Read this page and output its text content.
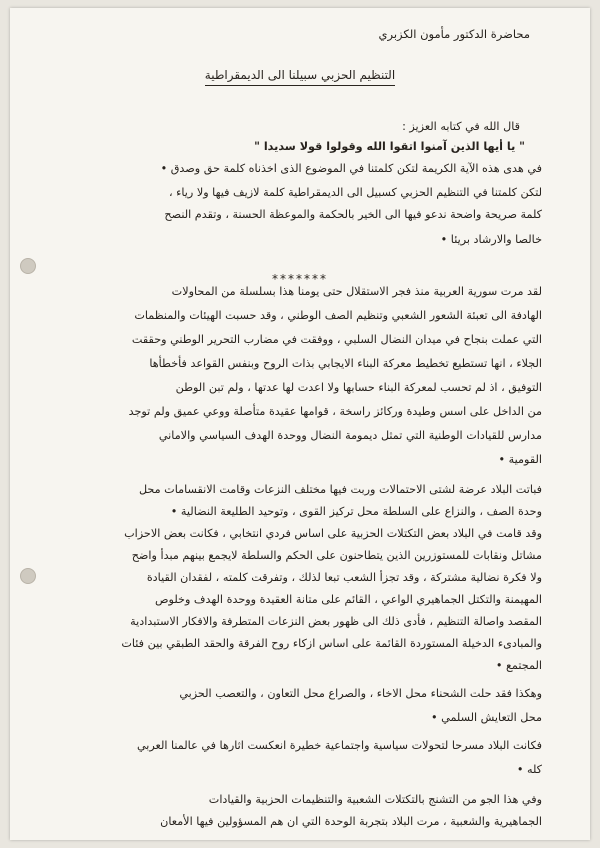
محاضرة الدكتور مأمون الكزبري

التنظيم الحزبي سبيلنا الى الديمقراطية

قال الله في كتابه العزيز :

" يا أيها الذين آمنوا اتقوا الله وقولوا قولا سديدا "

في هدى هذه الآية الكريمة لتكن كلمتنا في الموضوع الذى اخذناه كلمة حق وصدق •

لتكن كلمتنا في التنظيم الحزبي كسبيل الى الديمقراطية كلمة لازيف فيها ولا رياء ،

كلمة صريحة واضحة ندعو فيها الى الخير بالحكمة والموعظة الحسنة ، وتقدم النصح

خالصا والارشاد بريئا •

*******

لقد مرت سورية العربية منذ فجر الاستقلال حتى يومنا هذا بسلسلة من المحاولات

الهادفة الى تعبئة الشعور الشعبي وتنظيم الصف الوطني ، وقد حسبت الهيئات والمنظمات

التي عملت بنجاح في ميدان النضال السلبي ، ووفقت في مضارب التحرير الوطني وحققت

الجلاء ، انها تستطيع تخطيط معركة البناء الايجابي بذات الروح وبنفس القواعد فأخطأها

التوفيق ، اذ لم تحسب لمعركة البناء حسابها ولا اعدت لها عدتها ، ولم تبن الوطن

من الداخل على اسس وطيدة وركائز راسخة ، قوامها عقيدة متأصلة ووعي عميق ولم توجد

مدارس للقيادات الوطنية التي تمثل ديمومة النضال ووحدة الهدف السياسي والاماني

القومية •

فباتت البلاد عرضة لشتى الاحتمالات وربت فيها مختلف النزعات وقامت الانقسامات محل

وحدة الصف ، والنزاع على السلطة محل تركيز القوى ، وتوحيد الطليعة النضالية •

وقد قامت في البلاد بعض التكتلات الحزبية على اساس فردي انتخابي ، فكانت بعض الاحزاب

مشاتل ونقابات للمستوزرين الذين يتطاحنون على الحكم والسلطة لايجمع بينهم مبدأ واضح

ولا فكرة نضالية مشتركة ، وقد تجزأ الشعب تبعا لذلك ، وتفرقت كلمته ، لفقدان القيادة

المهيمنة والتكتل الجماهيري الواعي ، القائم على متانة العقيدة ووحدة الهدف وخلوص

المقصد واصالة التنظيم ، فأدى ذلك الى ظهور بعض النزعات المتطرفة والافكار الاستبدادية

والمبادىء الدخيلة المستوردة القائمة على اساس ازكاء روح الفرقة والحقد الطبقي بين فئات

المجتمع •

وهكذا فقد حلت الشحناء محل الاخاء ، والصراع محل التعاون ، والتعصب الحزبي

محل التعايش السلمي •

فكانت البلاد مسرحا لتحولات سياسية واجتماعية خطيرة انعكست اثارها في عالمنا العربي

كله •

وفي هذا الجو من التشنج بالتكتلات الشعبية والتنظيمات الحزبية والقيادات

الجماهيرية والشعبية ، مرت البلاد بتجربة الوحدة التي ان هم المسؤولين فيها الأمعان
